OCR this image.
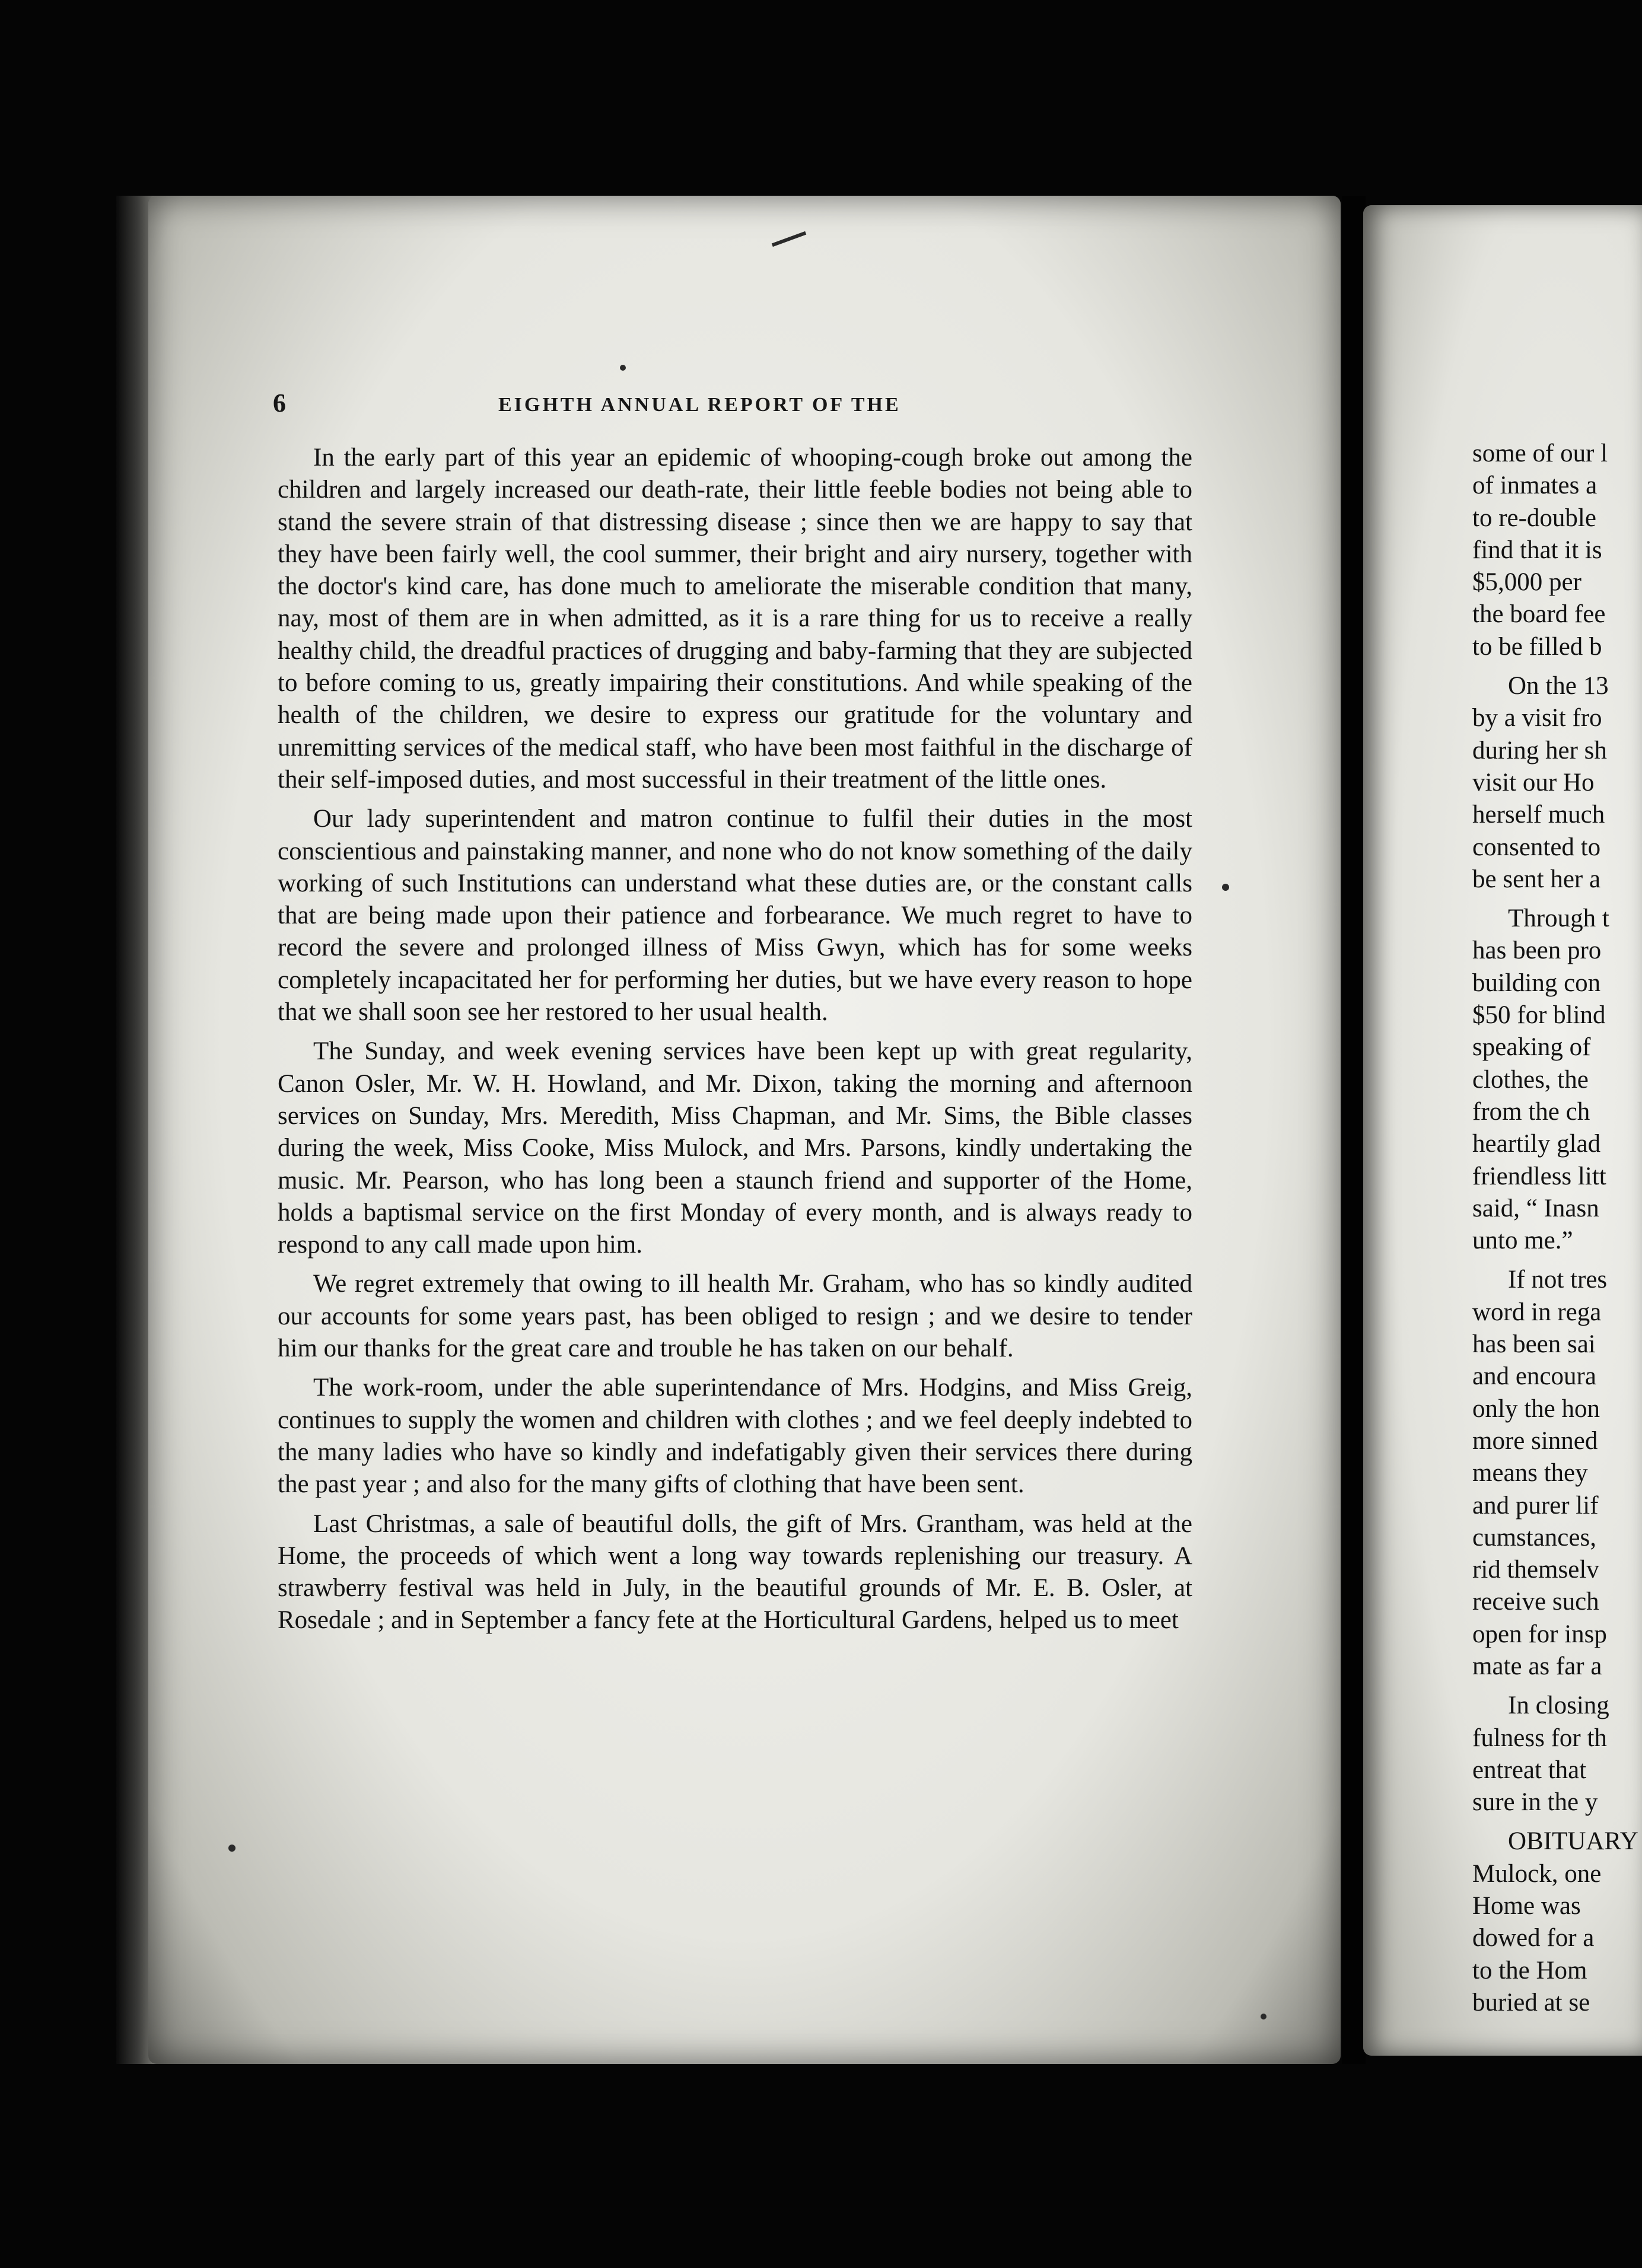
6	EIGHTH ANNUAL REPORT OF THE

In the early part of this year an epidemic of whooping-cough broke out among the children and largely increased our death-rate, their little feeble bodies not being able to stand the severe strain of that distressing disease ; since then we are happy to say that they have been fairly well, the cool summer, their bright and airy nursery, together with the doctor's kind care, has done much to ameliorate the miserable condition that many, nay, most of them are in when admitted, as it is a rare thing for us to receive a really healthy child, the dreadful practices of drugging and baby-farming that they are subjected to before coming to us, greatly impairing their constitutions. And while speaking of the health of the children, we desire to express our gratitude for the voluntary and unremitting services of the medical staff, who have been most faithful in the discharge of their self-imposed duties, and most successful in their treatment of the little ones.

Our lady superintendent and matron continue to fulfil their duties in the most conscientious and painstaking manner, and none who do not know something of the daily working of such Institutions can understand what these duties are, or the constant calls that are being made upon their patience and forbearance. We much regret to have to record the severe and prolonged illness of Miss Gwyn, which has for some weeks completely incapacitated her for performing her duties, but we have every reason to hope that we shall soon see her restored to her usual health.

The Sunday, and week evening services have been kept up with great regularity, Canon Osler, Mr. W. H. Howland, and Mr. Dixon, taking the morning and afternoon services on Sunday, Mrs. Meredith, Miss Chapman, and Mr. Sims, the Bible classes during the week, Miss Cooke, Miss Mulock, and Mrs. Parsons, kindly undertaking the music. Mr. Pearson, who has long been a staunch friend and supporter of the Home, holds a baptismal service on the first Monday of every month, and is always ready to respond to any call made upon him.

We regret extremely that owing to ill health Mr. Graham, who has so kindly audited our accounts for some years past, has been obliged to resign ; and we desire to tender him our thanks for the great care and trouble he has taken on our behalf.

The work-room, under the able superintendance of Mrs. Hodgins, and Miss Greig, continues to supply the women and children with clothes ; and we feel deeply indebted to the many ladies who have so kindly and indefatigably given their services there during the past year ; and also for the many gifts of clothing that have been sent.

Last Christmas, a sale of beautiful dolls, the gift of Mrs. Grantham, was held at the Home, the proceeds of which went a long way towards replenishing our treasury. A strawberry festival was held in July, in the beautiful grounds of Mr. E. B. Osler, at Rosedale ; and in September a fancy fete at the Horticultural Gardens, helped us to meet

some of our l
of inmates a
to re-double
find that it is
$5,000 per
the board fee
to be filled b
On the 13
by a visit fro
during her sh
visit our Ho
herself much
consented to
be sent her a
Through t
has been pro
building con
$50 for blind
speaking of
clothes, the
from the ch
heartily glad
friendless litt
said, “ Inasn
unto me.”
If not tres
word in rega
has been sai
and encoura
only the hon
more sinned
means they
and purer lif
cumstances,
rid themselv
receive such
open for insp
mate as far a
In closing
fulness for th
entreat that
sure in the y
OBITUARY
Mulock, one
Home was
dowed for a
to the Hom
buried at se
